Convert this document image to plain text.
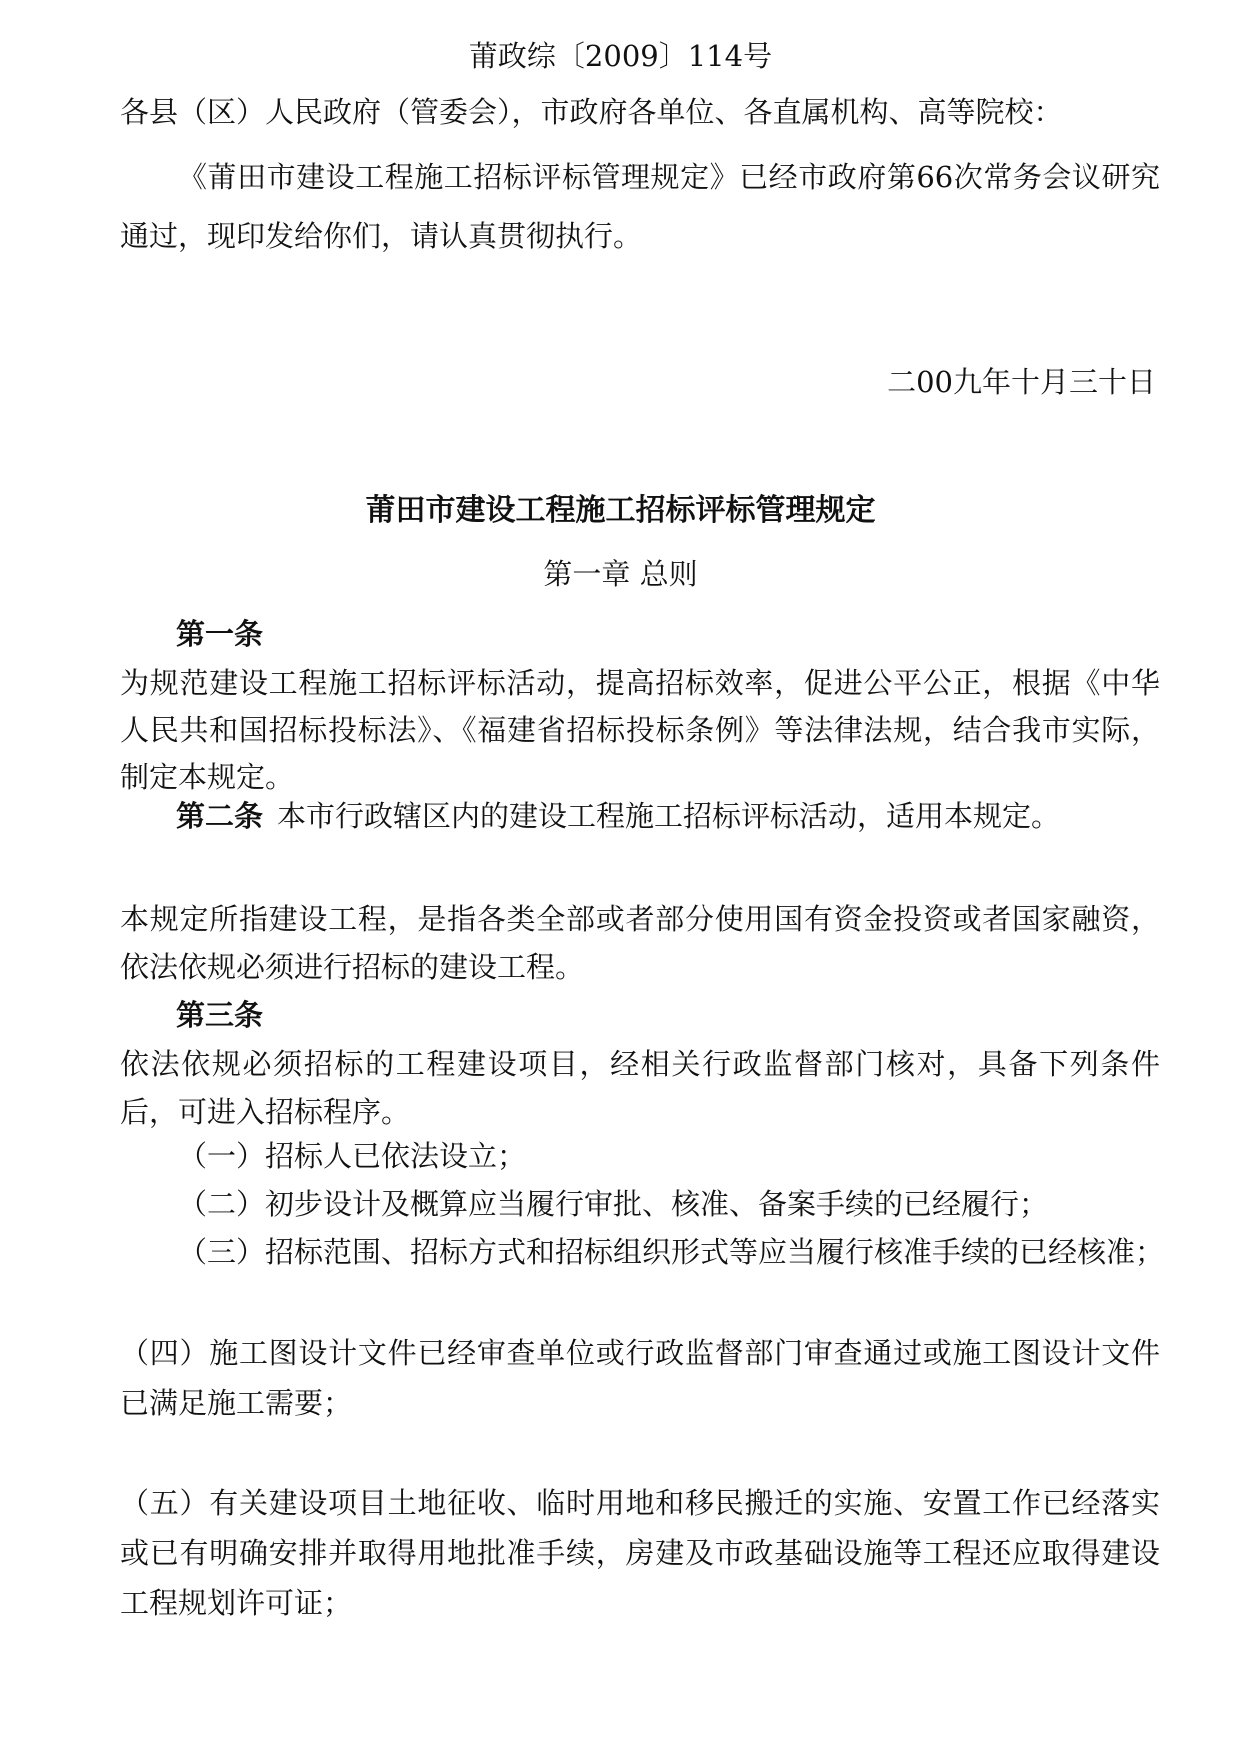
莆政综〔2009〕114号

各县（区）人民政府（管委会），市政府各单位、各直属机构、高等院校：

《莆田市建设工程施工招标评标管理规定》已经市政府第66次常务会议研究通过，现印发给你们，请认真贯彻执行。

二00九年十月三十日

莆田市建设工程施工招标评标管理规定

第一章 总则

第一条

为规范建设工程施工招标评标活动，提高招标效率，促进公平公正，根据《中华人民共和国招标投标法》、《福建省招标投标条例》等法律法规，结合我市实际，制定本规定。

第二条 本市行政辖区内的建设工程施工招标评标活动，适用本规定。

本规定所指建设工程，是指各类全部或者部分使用国有资金投资或者国家融资，依法依规必须进行招标的建设工程。

第三条

依法依规必须招标的工程建设项目，经相关行政监督部门核对，具备下列条件后，可进入招标程序。

（一）招标人已依法设立；

（二）初步设计及概算应当履行审批、核准、备案手续的已经履行；

（三）招标范围、招标方式和招标组织形式等应当履行核准手续的已经核准；

（四）施工图设计文件已经审查单位或行政监督部门审查通过或施工图设计文件已满足施工需要；

（五）有关建设项目土地征收、临时用地和移民搬迁的实施、安置工作已经落实或已有明确安排并取得用地批准手续，房建及市政基础设施等工程还应取得建设工程规划许可证；
